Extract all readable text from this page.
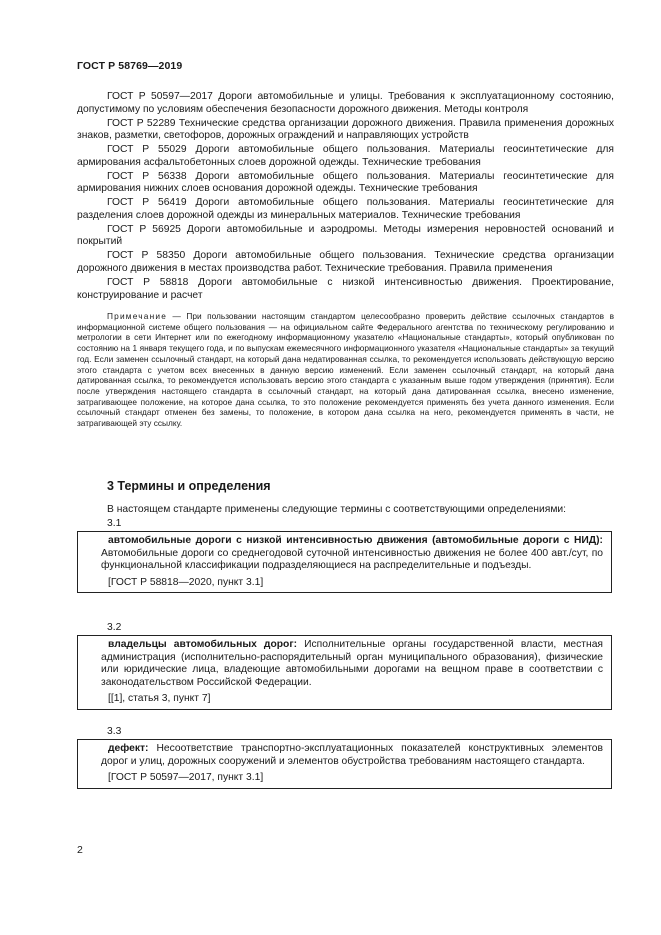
ГОСТ Р 58769—2019

ГОСТ Р 50597—2017 Дороги автомобильные и улицы. Требования к эксплуатационному состоянию, допустимому по условиям обеспечения безопасности дорожного движения. Методы контроля

ГОСТ Р 52289 Технические средства организации дорожного движения. Правила применения дорожных знаков, разметки, светофоров, дорожных ограждений и направляющих устройств

ГОСТ Р 55029 Дороги автомобильные общего пользования. Материалы геосинтетические для армирования асфальтобетонных слоев дорожной одежды. Технические требования

ГОСТ Р 56338 Дороги автомобильные общего пользования. Материалы геосинтетические для армирования нижних слоев основания дорожной одежды. Технические требования

ГОСТ Р 56419 Дороги автомобильные общего пользования. Материалы геосинтетические для разделения слоев дорожной одежды из минеральных материалов. Технические требования

ГОСТ Р 56925 Дороги автомобильные и аэродромы. Методы измерения неровностей оснований и покрытий

ГОСТ Р 58350 Дороги автомобильные общего пользования. Технические средства организации дорожного движения в местах производства работ. Технические требования. Правила применения

ГОСТ Р 58818 Дороги автомобильные с низкой интенсивностью движения. Проектирование, конструирование и расчет

Примечание — При пользовании настоящим стандартом целесообразно проверить действие ссылочных стандартов в информационной системе общего пользования — на официальном сайте Федерального агентства по техническому регулированию и метрологии в сети Интернет или по ежегодному информационному указателю «Национальные стандарты», который опубликован по состоянию на 1 января текущего года, и по выпускам ежемесячного информационного указателя «Национальные стандарты» за текущий год. Если заменен ссылочный стандарт, на который дана недатированная ссылка, то рекомендуется использовать действующую версию этого стандарта с учетом всех внесенных в данную версию изменений. Если заменен ссылочный стандарт, на который дана датированная ссылка, то рекомендуется использовать версию этого стандарта с указанным выше годом утверждения (принятия). Если после утверждения настоящего стандарта в ссылочный стандарт, на который дана датированная ссылка, внесено изменение, затрагивающее положение, на которое дана ссылка, то это положение рекомендуется применять без учета данного изменения. Если ссылочный стандарт отменен без замены, то положение, в котором дана ссылка на него, рекомендуется применять в части, не затрагивающей эту ссылку.
3 Термины и определения
В настоящем стандарте применены следующие термины с соответствующими определениями:
3.1

автомобильные дороги с низкой интенсивностью движения (автомобильные дороги с НИД): Автомобильные дороги со среднегодовой суточной интенсивностью движения не более 400 авт./сут, по функциональной классификации подразделяющиеся на распределительные и подъезды.

[ГОСТ Р 58818—2020, пункт 3.1]

3.2

владельцы автомобильных дорог: Исполнительные органы государственной власти, местная администрация (исполнительно-распорядительный орган муниципального образования), физические или юридические лица, владеющие автомобильными дорогами на вещном праве в соответствии с законодательством Российской Федерации.

[[1], статья 3, пункт 7]

3.3

дефект: Несоответствие транспортно-эксплуатационных показателей конструктивных элементов дорог и улиц, дорожных сооружений и элементов обустройства требованиям настоящего стандарта.

[ГОСТ Р 50597—2017, пункт 3.1]

2
